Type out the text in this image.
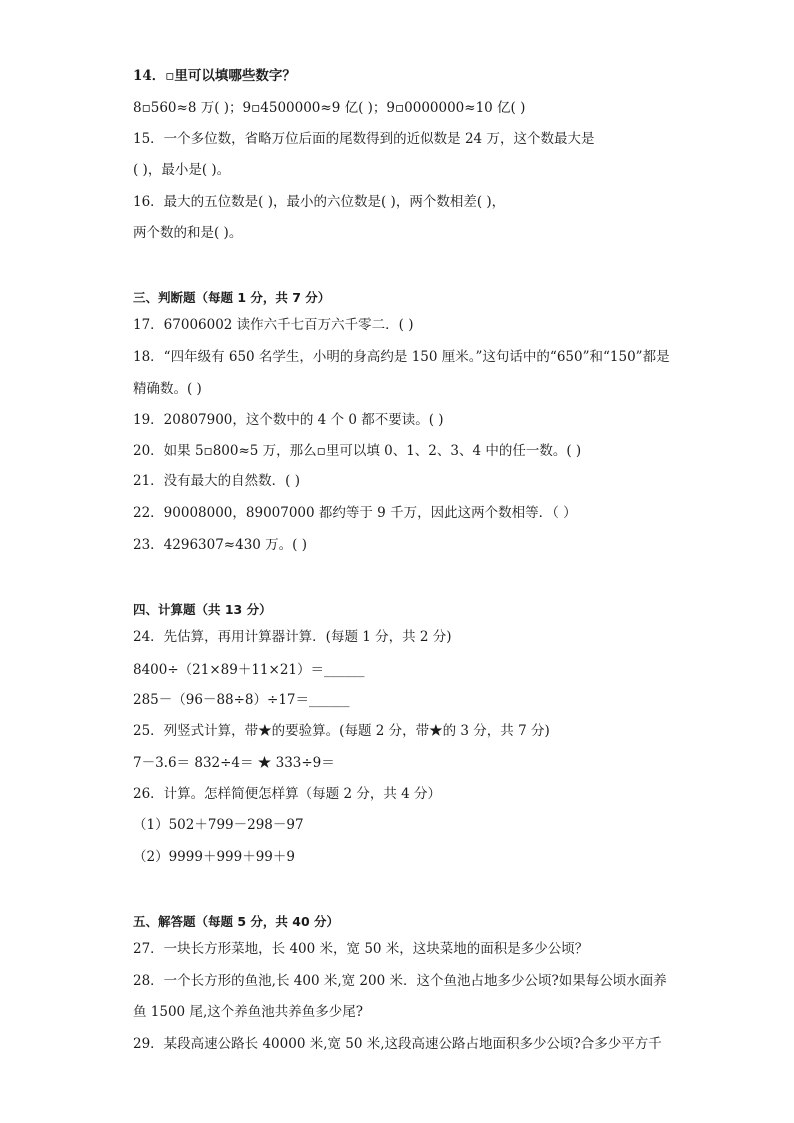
14．▫里可以填哪些数字？
8▫560≈8 万( )；9▫4500000≈9 亿( )；9▫0000000≈10 亿( )
15．一个多位数，省略万位后面的尾数得到的近似数是 24 万，这个数最大是
( )，最小是( )。
16．最大的五位数是( )，最小的六位数是( )，两个数相差( )，
两个数的和是( )。
三、判断题（每题 1 分，共 7 分）
17．67006002 读作六千七百万六千零二．( )
18．“四年级有 650 名学生，小明的身高约是 150 厘米。”这句话中的“650”和“150”都是
精确数。( )
19．20807900，这个数中的 4 个 0 都不要读。( )
20．如果 5▫800≈5 万，那么▫里可以填 0、1、2、3、4 中的任一数。( )
21．没有最大的自然数．( )
22．90008000，89007000 都约等于 9 千万，因此这两个数相等．（ ）
23．4296307≈430 万。( )
四、计算题（共 13 分）
24．先估算，再用计算器计算．(每题 1 分，共 2 分)
8400÷（21×89＋11×21）＝______
285－（96－88÷8）÷17＝______
25．列竖式计算，带★的要验算。(每题 2 分，带★的 3 分，共 7 分)
7－3.6＝ 832÷4＝ ★ 333÷9＝
26．计算。怎样简便怎样算（每题 2 分，共 4 分）
（1）502＋799－298－97
（2）9999＋999＋99＋9
五、解答题（每题 5 分，共 40 分）
27．一块长方形菜地，长 400 米，宽 50 米，这块菜地的面积是多少公顷？
28．一个长方形的鱼池,长 400 米,宽 200 米．这个鱼池占地多少公顷?如果每公顷水面养
鱼 1500 尾,这个养鱼池共养鱼多少尾?
29．某段高速公路长 40000 米,宽 50 米,这段高速公路占地面积多少公顷?合多少平方千
